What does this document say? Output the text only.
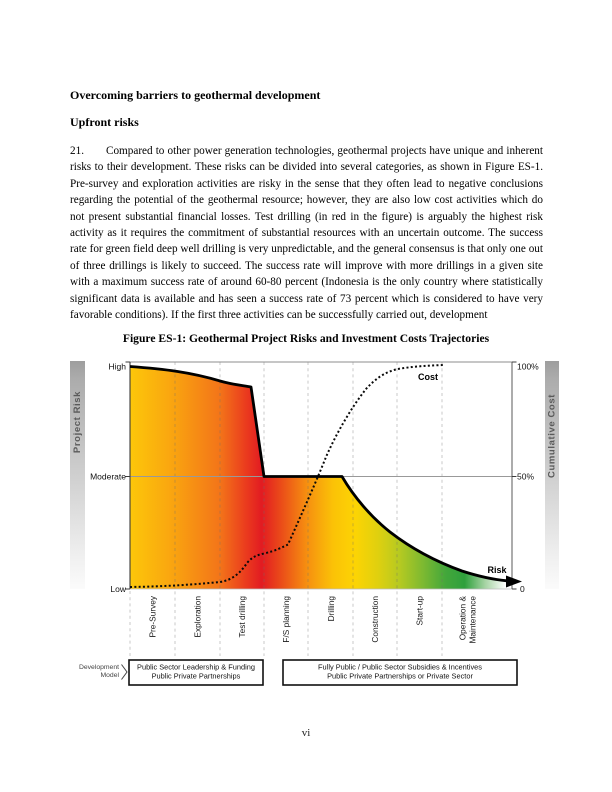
Overcoming barriers to geothermal development
Upfront risks

21. Compared to other power generation technologies, geothermal projects have unique and inherent risks to their development. These risks can be divided into several categories, as shown in Figure ES-1. Pre-survey and exploration activities are risky in the sense that they often lead to negative conclusions regarding the potential of the geothermal resource; however, they are also low cost activities which do not present substantial financial losses. Test drilling (in red in the figure) is arguably the highest risk activity as it requires the commitment of substantial resources with an uncertain outcome. The success rate for green field deep well drilling is very unpredictable, and the general consensus is that only one out of three drillings is likely to succeed. The success rate will improve with more drillings in a given site with a maximum success rate of around 60-80 percent (Indonesia is the only country where statistically significant data is available and has seen a success rate of 73 percent which is considered to have very favorable conditions). If the first three activities can be successfully carried out, development

Figure ES-1: Geothermal Project Risks and Investment Costs Trajectories
Project Risk	Cumulative Cost
High
Moderate
Low
100%
50%
0
Cost
Risk
Pre-Survey	Exploration	Test drilling	F/S planning	Drilling	Construction	Start-up	Operation & Maintenance
Development
Model
Public Sector Leadership & Funding
Public Private Partnerships
Fully Public / Public Sector Subsidies & Incentives
Public Private Partnerships or Private Sector
vi
